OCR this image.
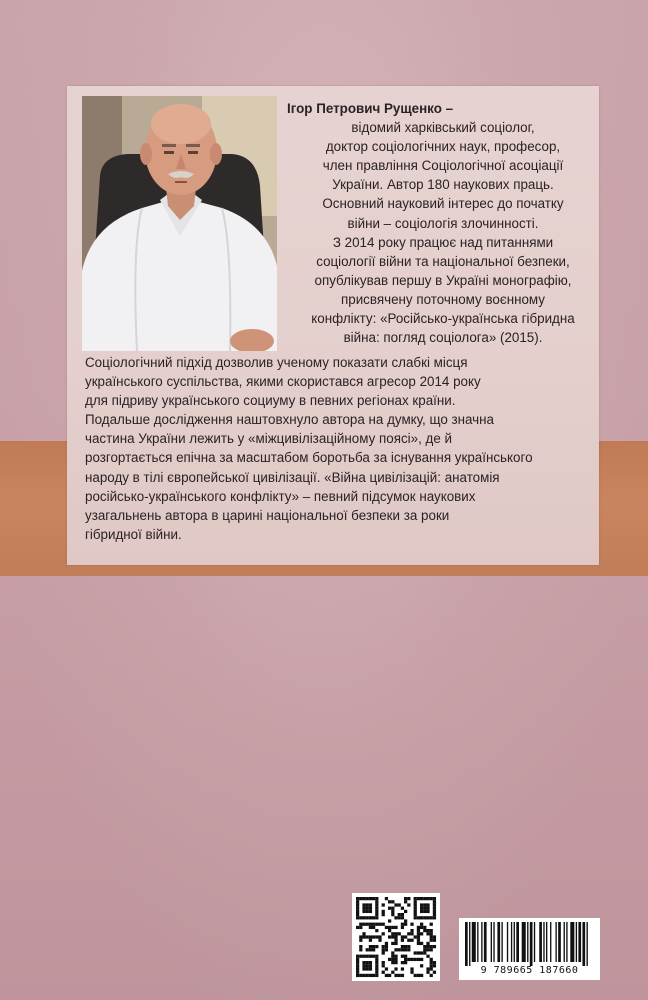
Ігор Петрович Рущенко –
відомий харківський соціолог,
доктор соціологічних наук, професор,
член правління Соціологічної асоціації
України. Автор 180 наукових праць.
Основний науковий інтерес до початку
війни – соціологія злочинності.
З 2014 року працює над питаннями
соціології війни та національної безпеки,
опублікував першу в Україні монографію,
присвячену поточному воєнному
конфлікту: «Російсько-українська гібридна
війна: погляд соціолога» (2015).
Соціологічний підхід дозволив ученому показати слабкі місця
українського суспільства, якими скористався агресор 2014 року
для підриву українського социуму в певних регіонах країни.
Подальше дослідження наштовхнуло автора на думку, що значна
частина України лежить у «міжцивілізаційному поясі», де й
розгортається епічна за масштабом боротьба за існування українського
народу в тілі європейської цивілізації. «Війна цивілізацій: анатомія
російсько-українського конфлікту» – певний підсумок наукових
узагальнень автора в царині національної безпеки за роки
гібридної війни.
9 789665 187660
